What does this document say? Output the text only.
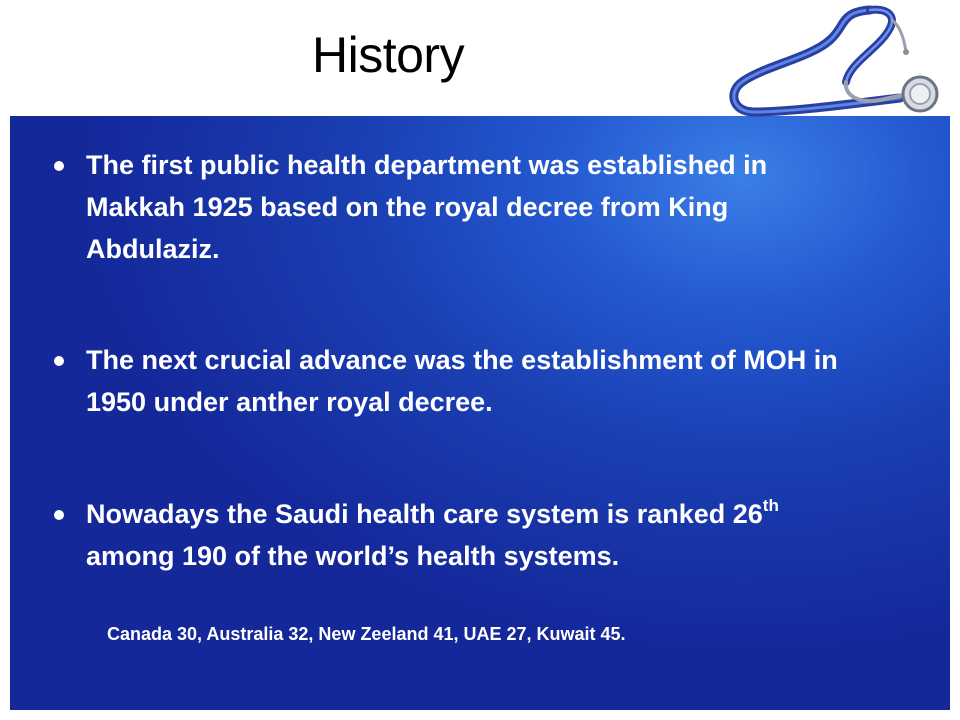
History
The first public health department was established in Makkah 1925 based on the royal decree from King Abdulaziz.
The next crucial advance was the establishment of MOH in 1950 under anther royal decree.
Nowadays the Saudi health care system is ranked 26th among 190 of the world’s health systems.
Canada 30, Australia 32, New Zeeland 41, UAE 27, Kuwait 45.
